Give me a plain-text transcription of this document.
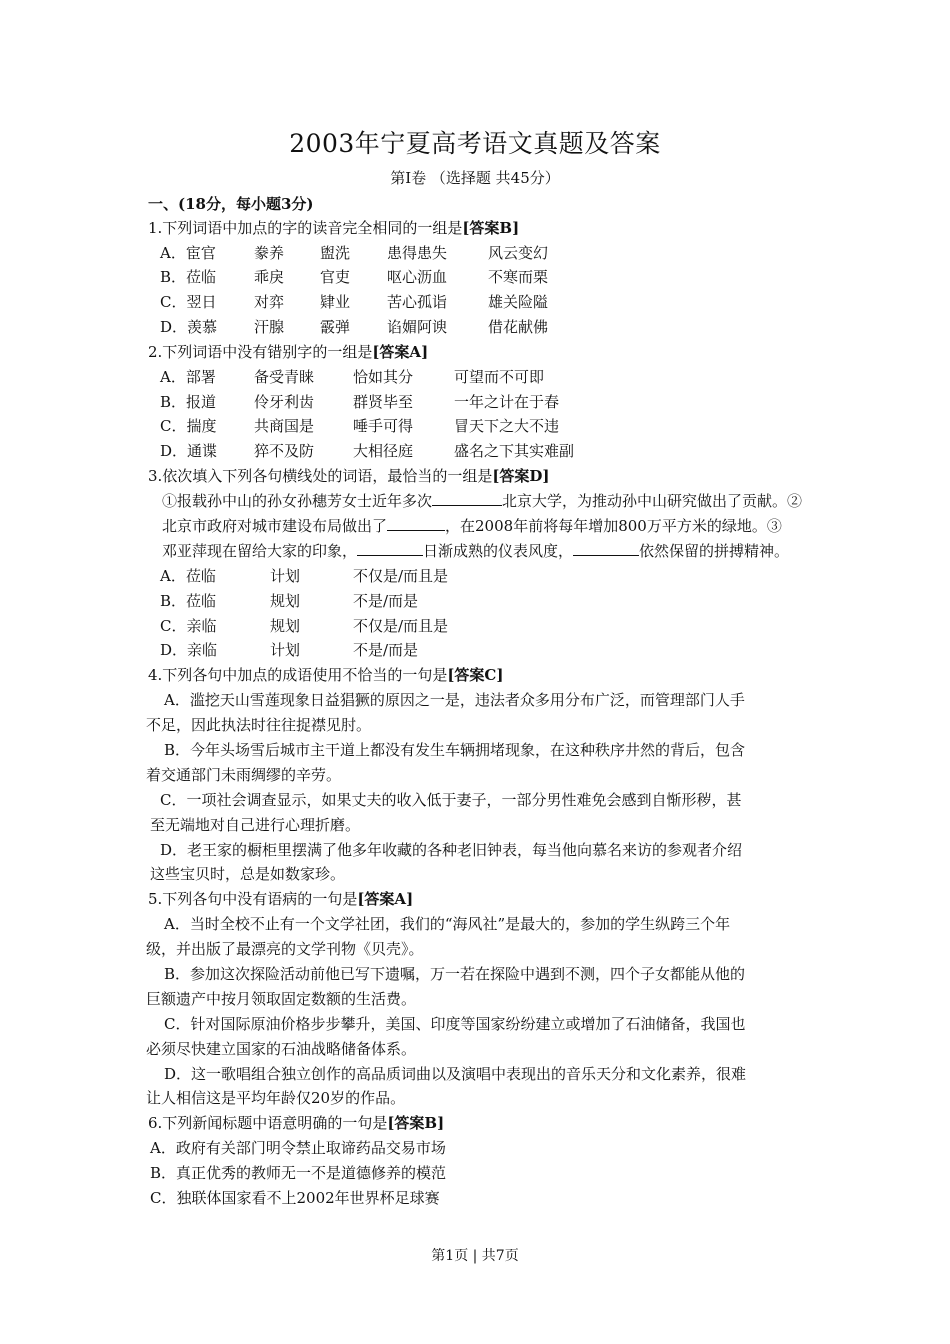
2003年宁夏高考语文真题及答案
第Ⅰ卷 （选择题 共45分）
一、(18分，每小题3分)
1.下列词语中加点的字的读音完全相同的一组是[答案B]
A．宦官	豢养 盥洗 患得患失	风云变幻
B．莅临	乖戾 官吏 呕心沥血	不寒而栗
C．翌日	对弈 肄业 苦心孤诣	雄关险隘
D．羡慕 汗腺 霰弹 谄媚阿谀	借花献佛
2.下列词语中没有错别字的一组是[答案A]
A．部署	备受青睐	恰如其分	可望而不可即
B．报道	伶牙利齿	群贤毕至	一年之计在于春
C．揣度	共商国是	唾手可得	冒天下之大不违
D．通谍 猝不及防	大相径庭	盛名之下其实难副
3.依次填入下列各句横线处的词语，最恰当的一组是[答案D]
①报载孙中山的孙女孙穗芳女士近年多次	北京大学，为推动孙中山研究做出了贡献。②
北京市政府对城市建设布局做出了	，在2008年前将每年增加800万平方米的绿地。③
邓亚萍现在留给大家的印象，	日渐成熟的仪表风度，	依然保留的拼搏精神。
A．莅临	计划	不仅是/而且是
B．莅临	规划	不是/而是
C．亲临	规划	不仅是/而且是
D．亲临	计划	不是/而是
4.下列各句中加点的成语使用不恰当的一句是[答案C]
A．滥挖天山雪莲现象日益猖獗的原因之一是，违法者众多用分布广泛，而管理部门人手
不足，因此执法时往往捉襟见肘。
B．今年头场雪后城市主干道上都没有发生车辆拥堵现象，在这种秩序井然的背后，包含
着交通部门未雨绸缪的辛劳。
C．一项社会调查显示，如果丈夫的收入低于妻子，一部分男性难免会感到自惭形秽，甚
至无端地对自己进行心理折磨。
D．老王家的橱柜里摆满了他多年收藏的各种老旧钟表，每当他向慕名来访的参观者介绍
这些宝贝时，总是如数家珍。
5.下列各句中没有语病的一句是[答案A]
A．当时全校不止有一个文学社团，我们的“海风社”是最大的，参加的学生纵跨三个年
级，并出版了最漂亮的文学刊物《贝壳》。
B．参加这次探险活动前他已写下遗嘱，万一若在探险中遇到不测，四个子女都能从他的
巨额遗产中按月领取固定数额的生活费。
C．针对国际原油价格步步攀升，美国、印度等国家纷纷建立或增加了石油储备，我国也
必须尽快建立国家的石油战略储备体系。
D．这一歌唱组合独立创作的高品质词曲以及演唱中表现出的音乐天分和文化素养，很难
让人相信这是平均年龄仅20岁的作品。
6.下列新闻标题中语意明确的一句是[答案B]
A．政府有关部门明令禁止取谛药品交易市场
B．真正优秀的教师无一不是道德修养的模范
C．独联体国家看不上2002年世界杯足球赛
第1页 | 共7页
